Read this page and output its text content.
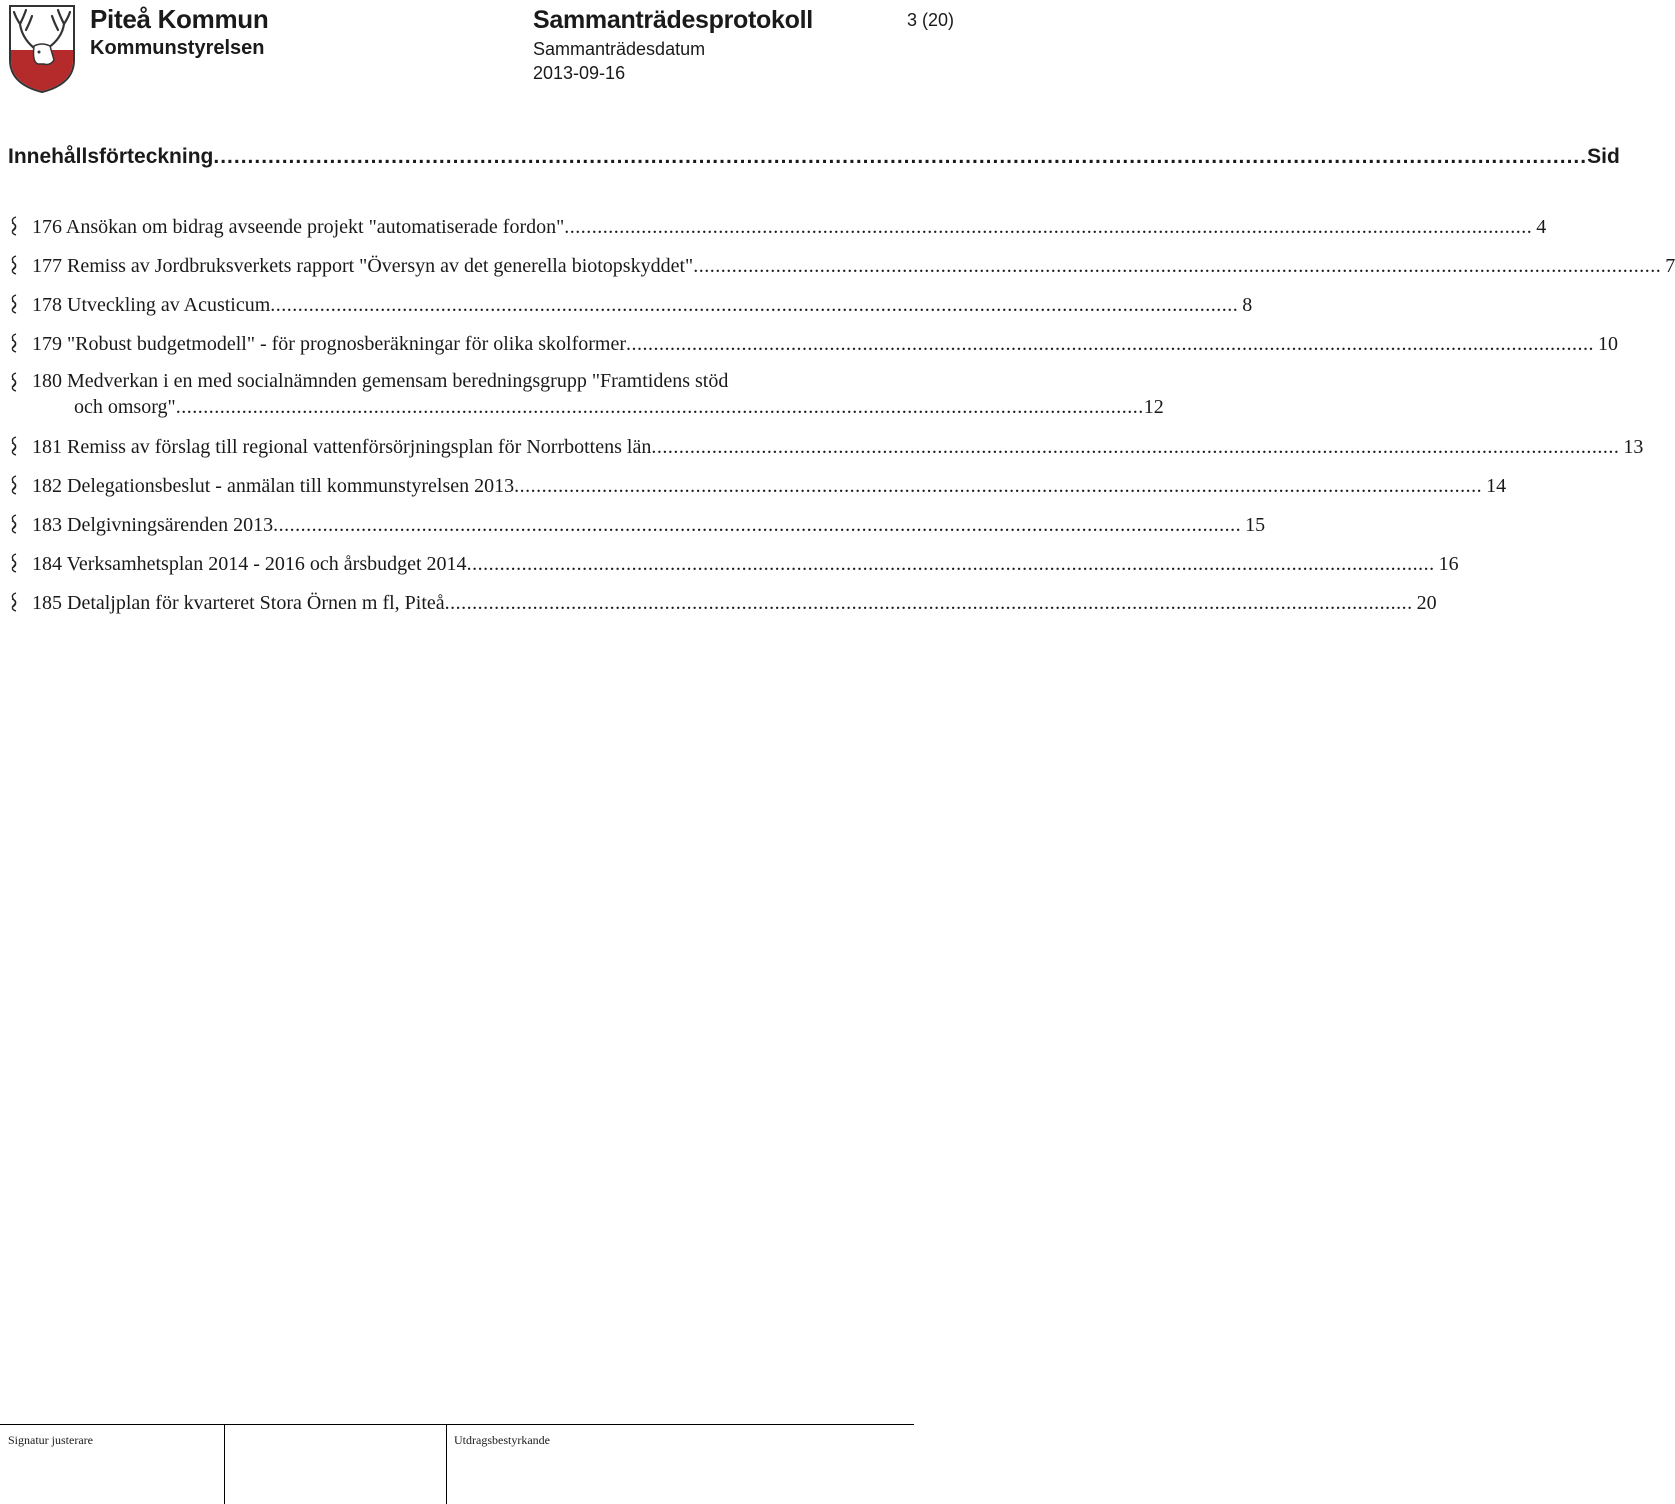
Piteå Kommun
Kommunstyrelsen
Sammanträdesprotokoll
Sammanträdesdatum
2013-09-16
3 (20)
Innehållsförteckning ......................................................................................................................................................................................................... Sid
176 Ansökan om bidrag avseende projekt "automatiserade fordon" ................................................................................................................................................................................ 4
177 Remiss av Jordbruksverkets rapport "Översyn av det generella biotopskyddet" ................................................................................................................................................................................ 7
178 Utveckling av Acusticum ................................................................................................................................................................................ 8
179 "Robust budgetmodell" - för prognosberäkningar för olika skolformer ................................................................................................................................................................................ 10
180 Medverkan i en med socialnämnden gemensam beredningsgrupp "Framtidens stöd
och omsorg" ................................................................................................................................................................................ 12
181 Remiss av förslag till regional vattenförsörjningsplan för Norrbottens län ................................................................................................................................................................................ 13
182 Delegationsbeslut - anmälan till kommunstyrelsen 2013 ................................................................................................................................................................................ 14
183 Delgivningsärenden 2013 ................................................................................................................................................................................ 15
184 Verksamhetsplan 2014 - 2016 och årsbudget 2014 ................................................................................................................................................................................ 16
185 Detaljplan för kvarteret Stora Örnen m fl, Piteå ................................................................................................................................................................................ 20
Signatur justerare	Utdragsbestyrkande
